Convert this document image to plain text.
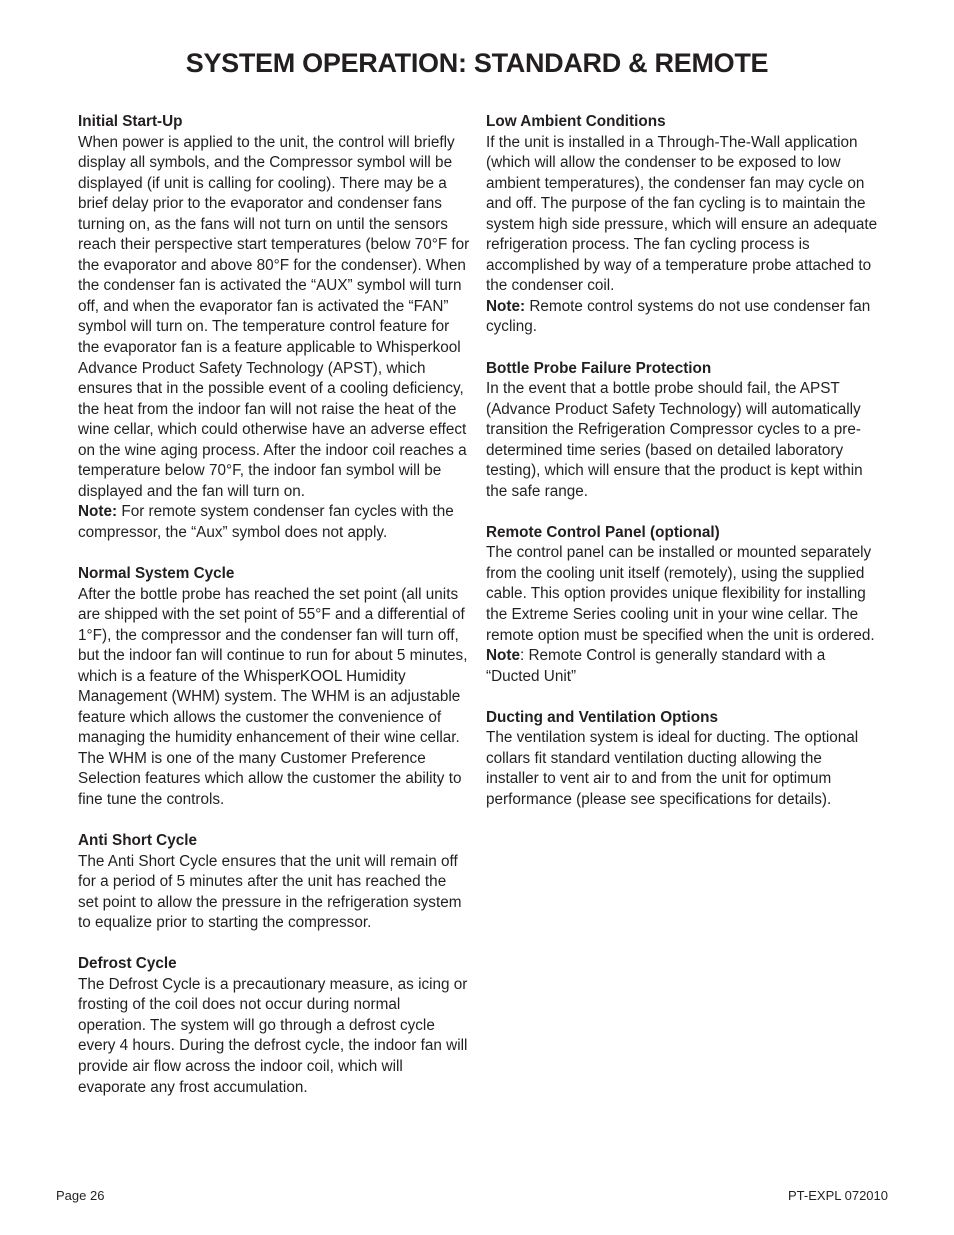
SYSTEM OPERATION: STANDARD & REMOTE
Initial Start-Up
When power is applied to the unit, the control will briefly display all symbols, and the Compressor symbol will be displayed (if unit is calling for cooling). There may be a brief delay prior to the evaporator and condenser fans turning on, as the fans will not turn on until the sensors reach their perspective start temperatures (below 70°F for the evaporator and above 80°F for the condenser). When the condenser fan is activated the “AUX” symbol will turn off, and when the evaporator fan is activated the “FAN” symbol will turn on. The temperature control feature for the evaporator fan is a feature applicable to Whisperkool Advance Product Safety Technology (APST), which ensures that in the possible event of a cooling deficiency, the heat from the indoor fan will not raise the heat of the wine cellar, which could otherwise have an adverse effect on the wine aging process. After the indoor coil reaches a temperature below 70°F, the indoor fan symbol will be displayed and the fan will turn on.
Note: For remote system condenser fan cycles with the compressor, the “Aux” symbol does not apply.
Normal System Cycle
After the bottle probe has reached the set point (all units are shipped with the set point of 55°F and a differential of 1°F), the compressor and the condenser fan will turn off, but the indoor fan will continue to run for about 5 minutes, which is a feature of the WhisperKOOL Humidity Management (WHM) system. The WHM is an adjustable feature which allows the customer the convenience of managing the humidity enhancement of their wine cellar. The WHM is one of the many Customer Preference Selection features which allow the customer the ability to fine tune the controls.
Anti Short Cycle
The Anti Short Cycle ensures that the unit will remain off for a period of 5 minutes after the unit has reached the set point to allow the pressure in the refrigeration system to equalize prior to starting the compressor.
Defrost Cycle
The Defrost Cycle is a precautionary measure, as icing or frosting of the coil does not occur during normal operation. The system will go through a defrost cycle every 4 hours. During the defrost cycle, the indoor fan will provide air flow across the indoor coil, which will evaporate any frost accumulation.
Low Ambient Conditions
If the unit is installed in a Through-The-Wall application (which will allow the condenser to be exposed to low ambient temperatures), the condenser fan may cycle on and off. The purpose of the fan cycling is to maintain the system high side pressure, which will ensure an adequate refrigeration process. The fan cycling process is accomplished by way of a temperature probe attached to the condenser coil.
Note: Remote control systems do not use condenser fan cycling.
Bottle Probe Failure Protection
In the event that a bottle probe should fail, the APST (Advance Product Safety Technology) will automatically transition the Refrigeration Compressor cycles to a pre-determined time series (based on detailed laboratory testing), which will ensure that the product is kept within the safe range.
Remote Control Panel (optional)
The control panel can be installed or mounted separately from the cooling unit itself (remotely), using the supplied cable. This option provides unique flexibility for installing the Extreme Series cooling unit in your wine cellar. The remote option must be specified when the unit is ordered.
Note: Remote Control is generally standard with a “Ducted Unit”
Ducting and Ventilation Options
The ventilation system is ideal for ducting. The optional collars fit standard ventilation ducting allowing the installer to vent air to and from the unit for optimum performance (please see specifications for details).
Page 26	PT-EXPL 072010
